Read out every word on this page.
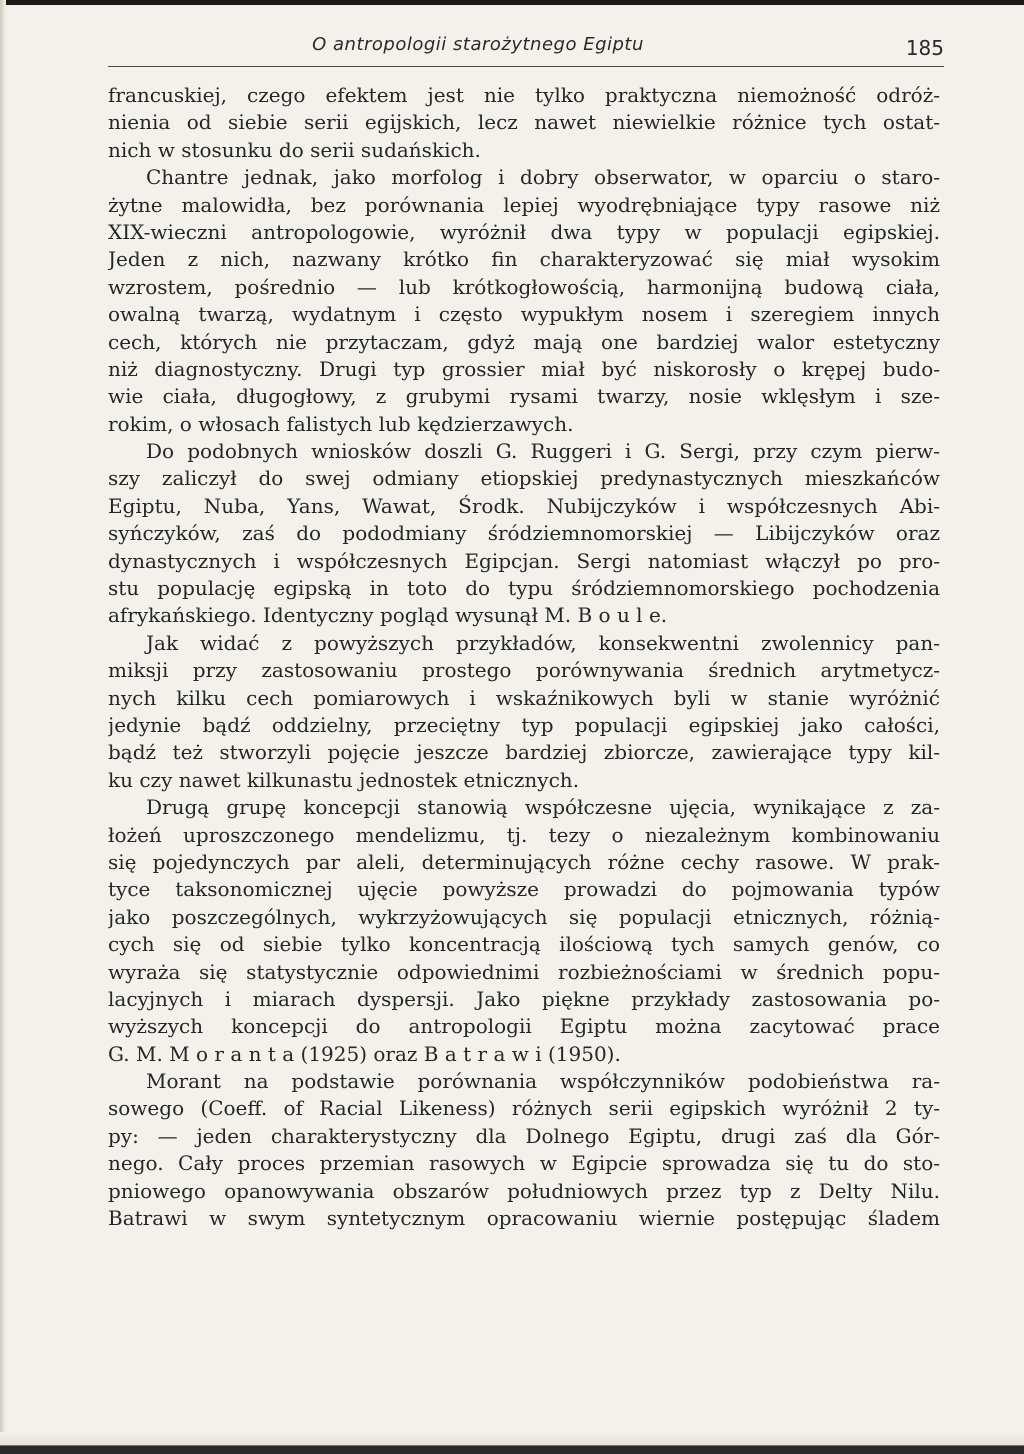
O antropologii starożytnego Egiptu	185
francuskiej, czego efektem jest nie tylko praktyczna niemożność odróż-
nienia od siebie serii egijskich, lecz nawet niewielkie różnice tych ostat-
nich w stosunku do serii sudańskich.
Chantre jednak, jako morfolog i dobry obserwator, w oparciu o staro-
żytne malowidła, bez porównania lepiej wyodrębniające typy rasowe niż
XIX-wieczni antropologowie, wyróżnił dwa typy w populacji egipskiej.
Jeden z nich, nazwany krótko fin charakteryzować się miał wysokim
wzrostem, pośrednio — lub krótkogłowością, harmonijną budową ciała,
owalną twarzą, wydatnym i często wypukłym nosem i szeregiem innych
cech, których nie przytaczam, gdyż mają one bardziej walor estetyczny
niż diagnostyczny. Drugi typ grossier miał być niskorosły o krępej budo-
wie ciała, długogłowy, z grubymi rysami twarzy, nosie wklęsłym i sze-
rokim, o włosach falistych lub kędzierzawych.
Do podobnych wniosków doszli G. Ruggeri i G. Sergi, przy czym pierw-
szy zaliczył do swej odmiany etiopskiej predynastycznych mieszkańców
Egiptu, Nuba, Yans, Wawat, Środk. Nubijczyków i współczesnych Abi-
syńczyków, zaś do pododmiany śródziemnomorskiej — Libijczyków oraz
dynastycznych i współczesnych Egipcjan. Sergi natomiast włączył po pro-
stu populację egipską in toto do typu śródziemnomorskiego pochodzenia
afrykańskiego. Identyczny pogląd wysunął M. B o u l e.
Jak widać z powyższych przykładów, konsekwentni zwolennicy pan-
miksji przy zastosowaniu prostego porównywania średnich arytmetycz-
nych kilku cech pomiarowych i wskaźnikowych byli w stanie wyróżnić
jedynie bądź oddzielny, przeciętny typ populacji egipskiej jako całości,
bądź też stworzyli pojęcie jeszcze bardziej zbiorcze, zawierające typy kil-
ku czy nawet kilkunastu jednostek etnicznych.
Drugą grupę koncepcji stanowią współczesne ujęcia, wynikające z za-
łożeń uproszczonego mendelizmu, tj. tezy o niezależnym kombinowaniu
się pojedynczych par aleli, determinujących różne cechy rasowe. W prak-
tyce taksonomicznej ujęcie powyższe prowadzi do pojmowania typów
jako poszczególnych, wykrzyżowujących się populacji etnicznych, różnią-
cych się od siebie tylko koncentracją ilościową tych samych genów, co
wyraża się statystycznie odpowiednimi rozbieżnościami w średnich popu-
lacyjnych i miarach dyspersji. Jako piękne przykłady zastosowania po-
wyższych koncepcji do antropologii Egiptu można zacytować prace
G. M. M o r a n t a (1925) oraz B a t r a w i (1950).
Morant na podstawie porównania współczynników podobieństwa ra-
sowego (Coeff. of Racial Likeness) różnych serii egipskich wyróżnił 2 ty-
py: — jeden charakterystyczny dla Dolnego Egiptu, drugi zaś dla Gór-
nego. Cały proces przemian rasowych w Egipcie sprowadza się tu do sto-
pniowego opanowywania obszarów południowych przez typ z Delty Nilu.
Batrawi w swym syntetycznym opracowaniu wiernie postępując śladem
